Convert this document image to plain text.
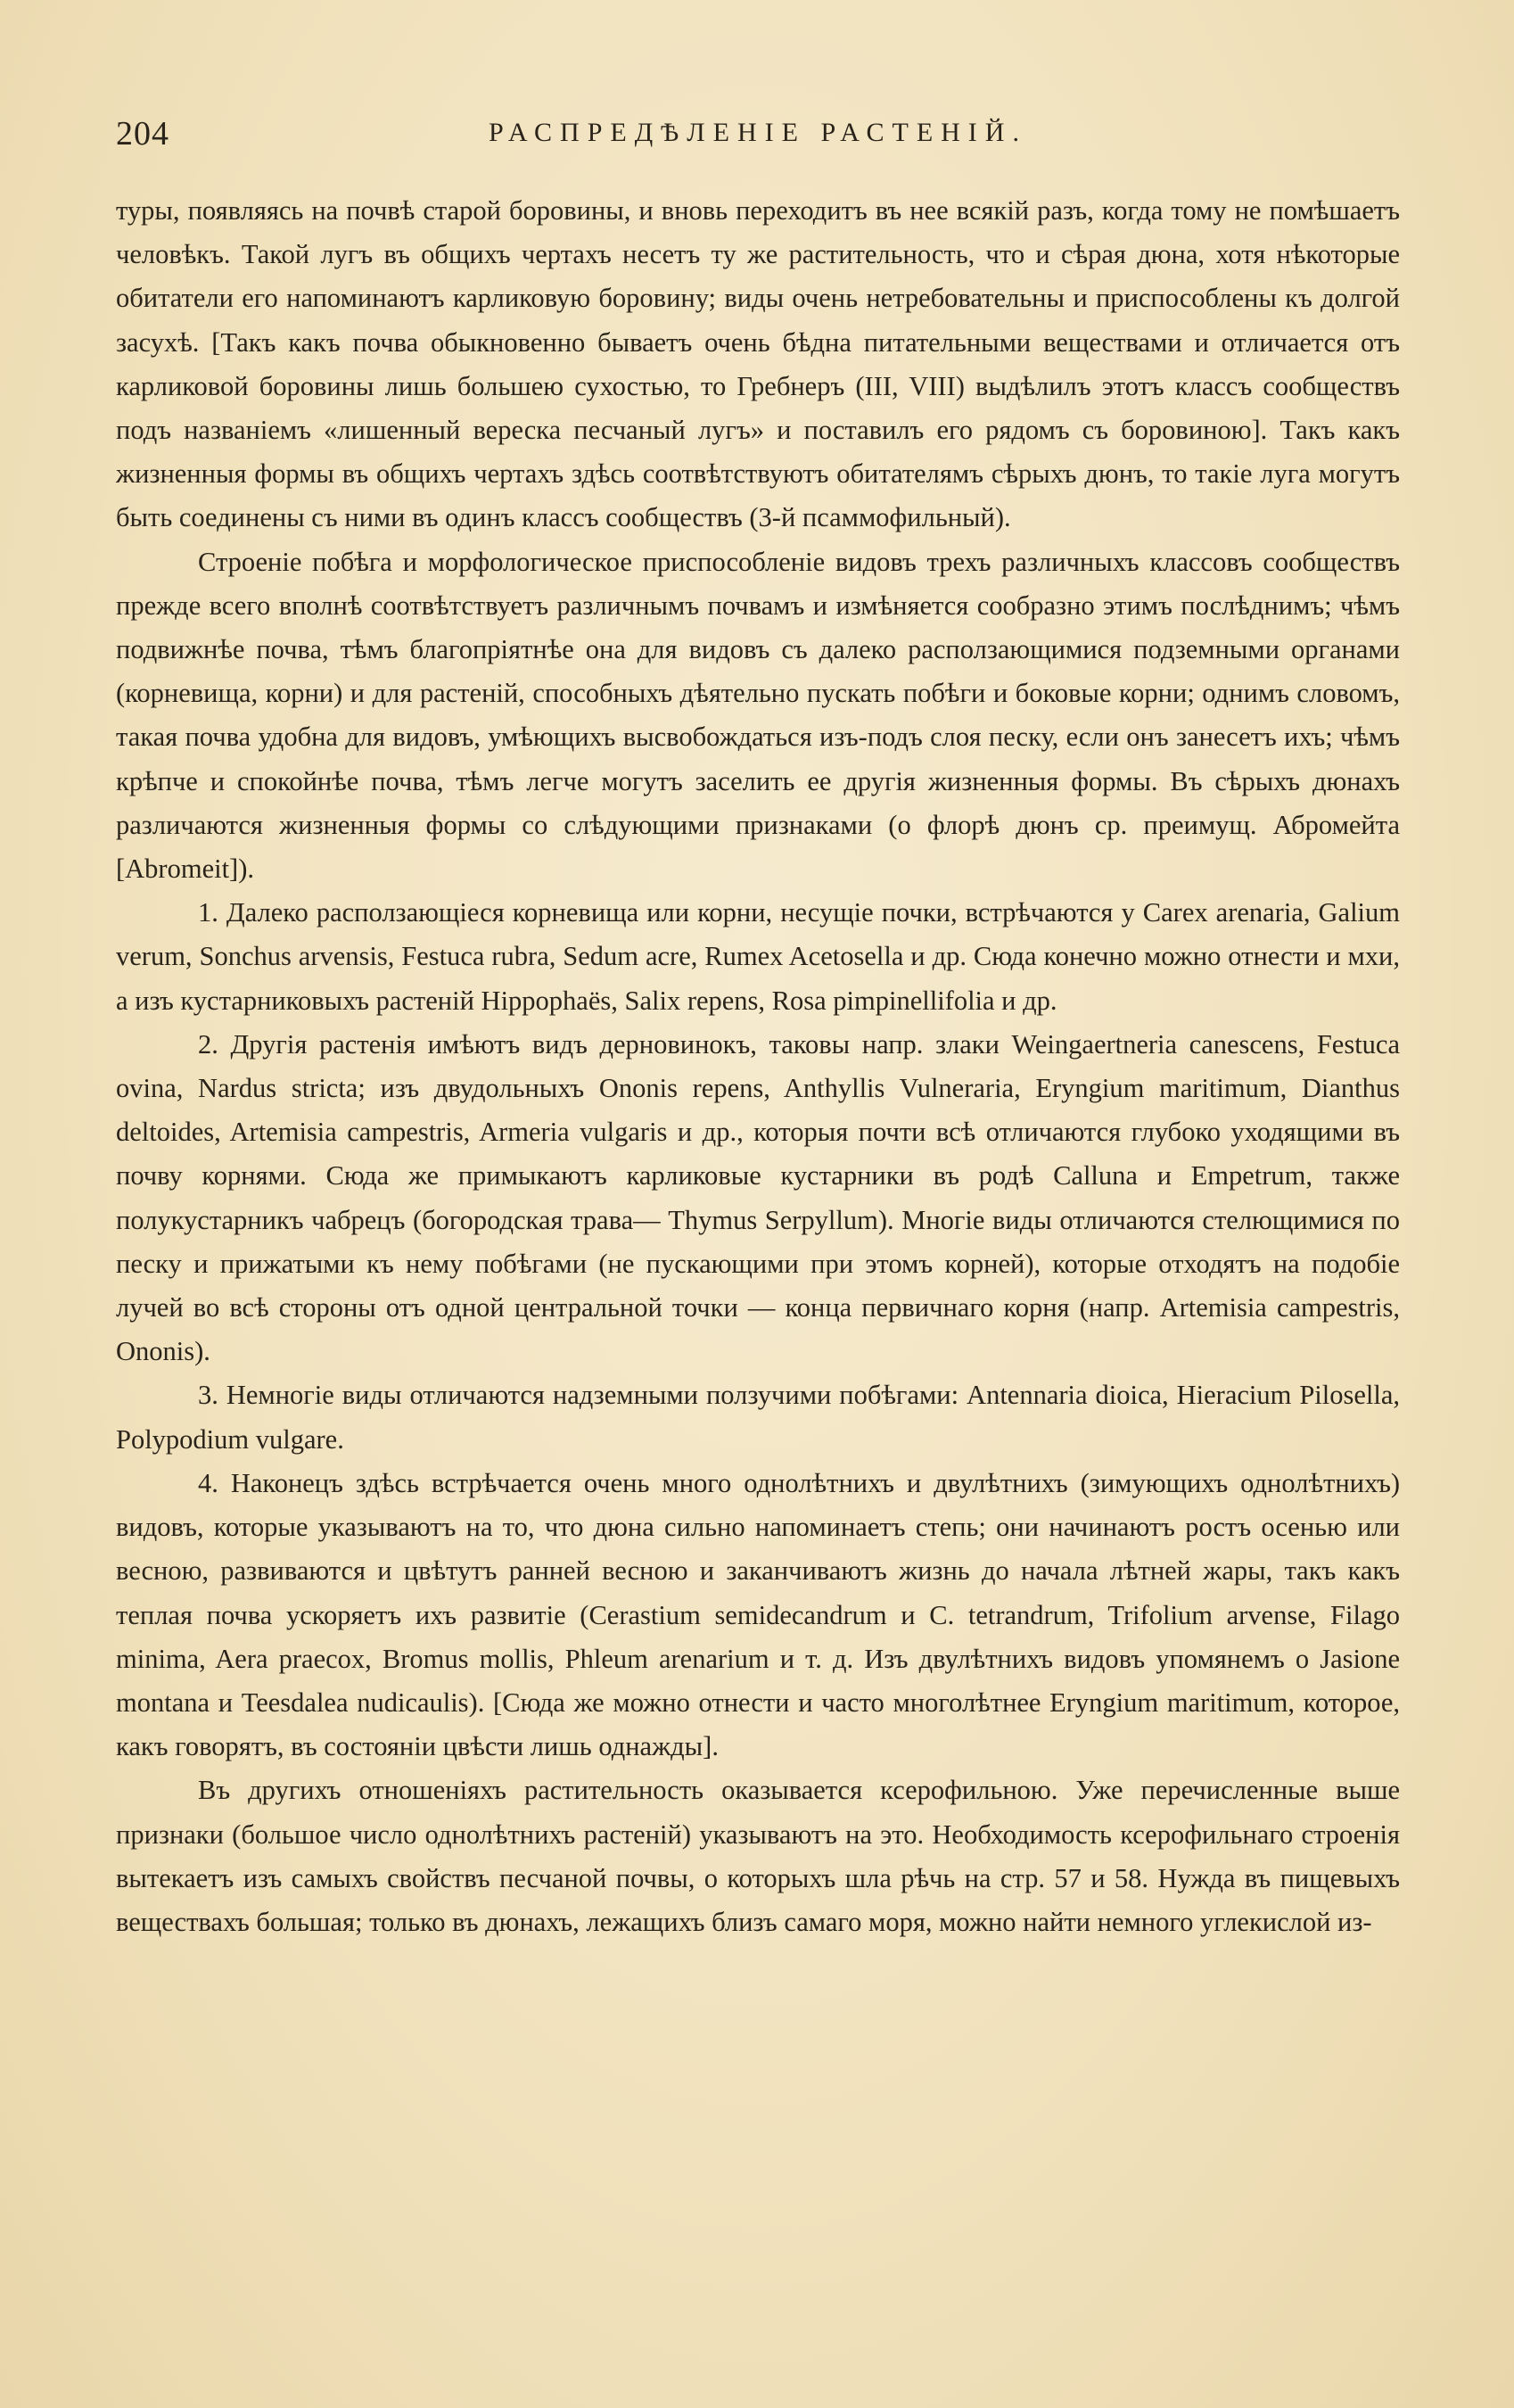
204	РАСПРЕДѢЛЕНІЕ РАСТЕНІЙ.

туры, появляясь на почвѣ старой боровины, и вновь переходитъ въ нее всякій разъ, когда тому не помѣшаетъ человѣкъ. Такой лугъ въ общихъ чертахъ несетъ ту же растительность, что и сѣрая дюна, хотя нѣкоторые обитатели его напоминаютъ карликовую боровину; виды очень нетребовательны и приспособлены къ долгой засухѣ. [Такъ какъ почва обыкновенно бываетъ очень бѣдна питательными веществами и отличается отъ карликовой боровины лишь большею сухостью, то Гребнеръ (III, VIII) выдѣлилъ этотъ классъ сообществъ подъ названіемъ «лишенный вереска песчаный лугъ» и поставилъ его рядомъ съ боровиною]. Такъ какъ жизненныя формы въ общихъ чертахъ здѣсь соотвѣтствуютъ обитателямъ сѣрыхъ дюнъ, то такіе луга могутъ быть соединены съ ними въ одинъ классъ сообществъ (3-й псаммофильный).

Строеніе побѣга и морфологическое приспособленіе видовъ трехъ различныхъ классовъ сообществъ прежде всего вполнѣ соотвѣтствуетъ различнымъ почвамъ и измѣняется сообразно этимъ послѣднимъ; чѣмъ подвижнѣе почва, тѣмъ благопріятнѣе она для видовъ съ далеко расползающимися подземными органами (корневища, корни) и для растеній, способныхъ дѣятельно пускать побѣги и боковые корни; однимъ словомъ, такая почва удобна для видовъ, умѣющихъ высвобождаться изъ-подъ слоя песку, если онъ занесетъ ихъ; чѣмъ крѣпче и спокойнѣе почва, тѣмъ легче могутъ заселить ее другія жизненныя формы. Въ сѣрыхъ дюнахъ различаются жизненныя формы со слѣдующими признаками (о флорѣ дюнъ ср. преимущ. Абромейта [Abromeit]).

1. Далеко расползающіеся корневища или корни, несущіе почки, встрѣчаются у Carex arenaria, Galium verum, Sonchus arvensis, Festuca rubra, Sedum acre, Rumex Acetosella и др. Сюда конечно можно отнести и мхи, а изъ кустарниковыхъ растеній Hippophaës, Salix repens, Rosa pimpinellifolia и др.

2. Другія растенія имѣютъ видъ дерновинокъ, таковы напр. злаки Weingaertneria canescens, Festuca ovina, Nardus stricta; изъ двудольныхъ Ononis repens, Anthyllis Vulneraria, Eryngium maritimum, Dianthus deltoides, Artemisia campestris, Armeria vulgaris и др., которыя почти всѣ отличаются глубоко уходящими въ почву корнями. Сюда же примыкаютъ карликовые кустарники въ родѣ Calluna и Empetrum, также полукустарникъ чабрецъ (богородская трава— Thymus Serpyllum). Многіе виды отличаются стелющимися по песку и прижатыми къ нему побѣгами (не пускающими при этомъ корней), которые отходятъ на подобіе лучей во всѣ стороны отъ одной центральной точки — конца первичнаго корня (напр. Artemisia campestris, Ononis).

3. Немногіе виды отличаются надземными ползучими побѣгами: Antennaria dioica, Hieracium Pilosella, Polypodium vulgare.

4. Наконецъ здѣсь встрѣчается очень много однолѣтнихъ и двулѣтнихъ (зимующихъ однолѣтнихъ) видовъ, которые указываютъ на то, что дюна сильно напоминаетъ степь; они начинаютъ ростъ осенью или весною, развиваются и цвѣтутъ ранней весною и заканчиваютъ жизнь до начала лѣтней жары, такъ какъ теплая почва ускоряетъ ихъ развитіе (Cerastium semidecandrum и C. tetrandrum, Trifolium arvense, Filago minima, Aera praecox, Bromus mollis, Phleum arenarium и т. д. Изъ двулѣтнихъ видовъ упомянемъ о Jasione montana и Teesdalea nudicaulis). [Сюда же можно отнести и часто многолѣтнее Eryngium maritimum, которое, какъ говорятъ, въ состояніи цвѣсти лишь однажды].

Въ другихъ отношеніяхъ растительность оказывается ксерофильною. Уже перечисленные выше признаки (большое число однолѣтнихъ растеній) указываютъ на это. Необходимость ксерофильнаго строенія вытекаетъ изъ самыхъ свойствъ песчаной почвы, о которыхъ шла рѣчь на стр. 57 и 58. Нужда въ пищевыхъ веществахъ большая; только въ дюнахъ, лежащихъ близъ самаго моря, можно найти немного углекислой из-
